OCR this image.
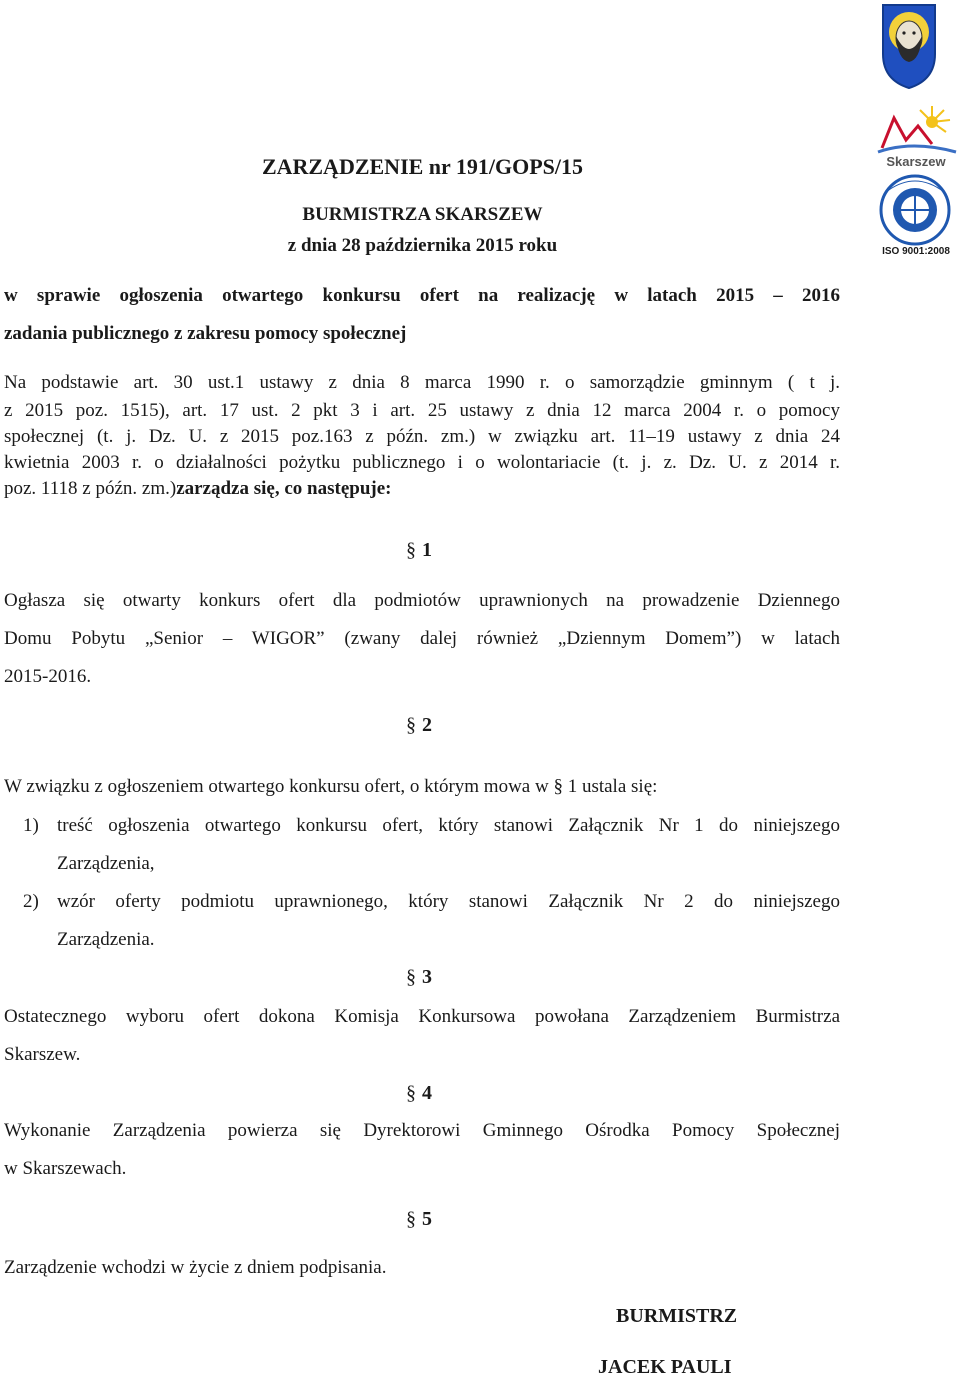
Skarszew
ISO 9001:2008
ZARZĄDZENIE nr 191/GOPS/15
BURMISTRZA SKARSZEW
z dnia 28 października 2015 roku
w sprawie ogłoszenia otwartego konkursu ofert na realizację w latach 2015 – 2016
zadania publicznego z zakresu pomocy społecznej
Na podstawie art. 30 ust.1 ustawy z dnia 8 marca 1990 r. o samorządzie gminnym ( t j.
z 2015 poz. 1515), art. 17 ust. 2 pkt 3 i art. 25 ustawy z dnia 12 marca 2004 r. o pomocy
społecznej (t. j. Dz. U. z 2015 poz.163 z późn. zm.) w związku art. 11–19 ustawy z dnia 24
kwietnia 2003 r. o działalności pożytku publicznego i o wolontariacie (t. j. z. Dz. U. z 2014 r.
poz. 1118 z późn. zm.)zarządza się, co następuje:
§ 1
Ogłasza się otwarty konkurs ofert dla podmiotów uprawnionych na prowadzenie Dziennego
Domu Pobytu „Senior – WIGOR” (zwany dalej również „Dziennym Domem”) w latach
2015-2016.
§ 2
W związku z ogłoszeniem otwartego konkursu ofert, o którym mowa w § 1 ustala się:
1) treść ogłoszenia otwartego konkursu ofert, który stanowi Załącznik Nr 1 do niniejszego
Zarządzenia,
2) wzór oferty podmiotu uprawnionego, który stanowi Załącznik Nr 2 do niniejszego
Zarządzenia.
§ 3
Ostatecznego wyboru ofert dokona Komisja Konkursowa powołana Zarządzeniem Burmistrza
Skarszew.
§ 4
Wykonanie Zarządzenia powierza się Dyrektorowi Gminnego Ośrodka Pomocy Społecznej
w Skarszewach.
§ 5
Zarządzenie wchodzi w życie z dniem podpisania.
BURMISTRZ
JACEK PAULI
